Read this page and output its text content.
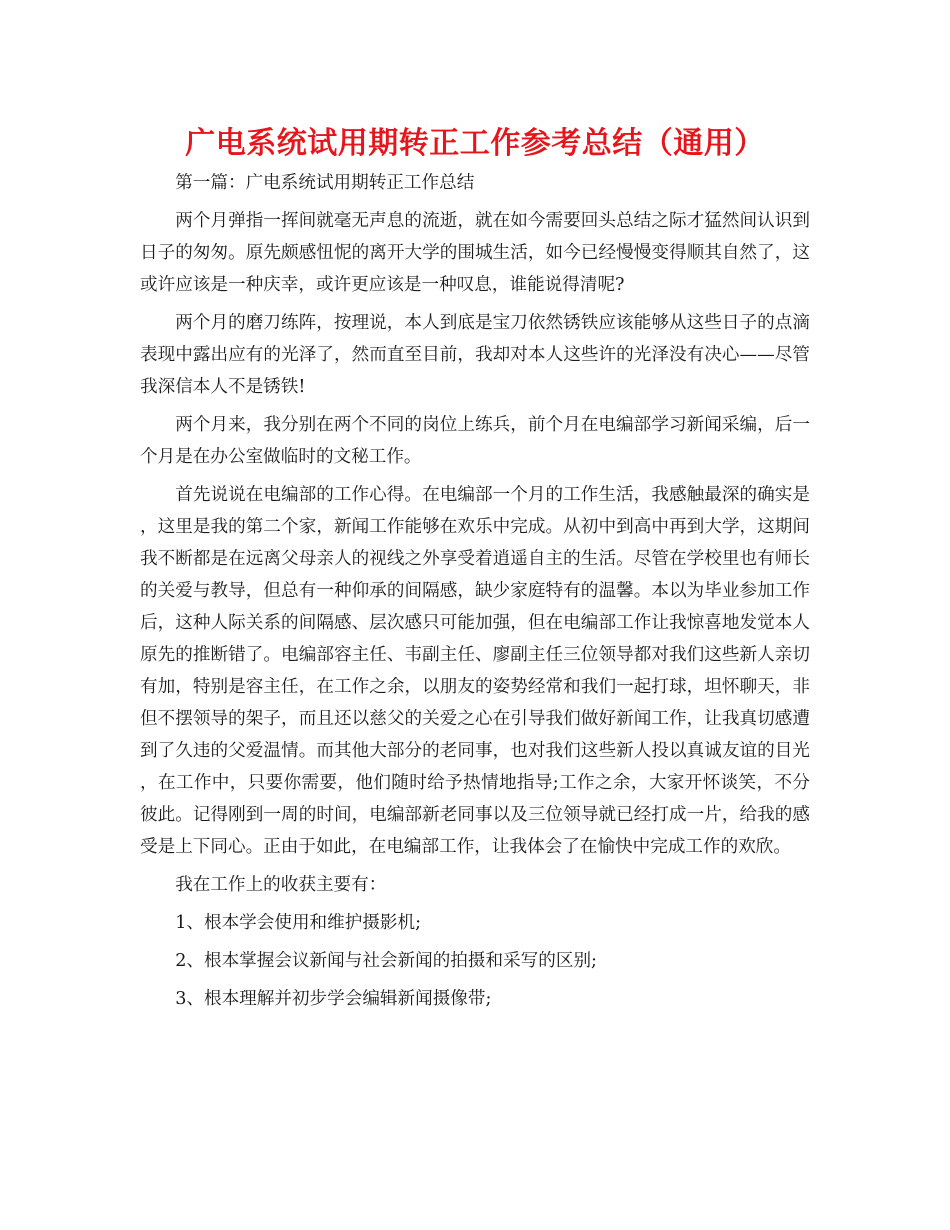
广电系统试用期转正工作参考总结（通用）

第一篇：广电系统试用期转正工作总结

两个月弹指一挥间就毫无声息的流逝，就在如今需要回头总结之际才猛然间认识到日子的匆匆。原先颇感忸怩的离开大学的围城生活，如今已经慢慢变得顺其自然了，这或许应该是一种庆幸，或许更应该是一种叹息，谁能说得清呢?

两个月的磨刀练阵，按理说，本人到底是宝刀依然锈铁应该能够从这些日子的点滴表现中露出应有的光泽了，然而直至目前，我却对本人这些许的光泽没有决心——尽管我深信本人不是锈铁!

两个月来，我分别在两个不同的岗位上练兵，前个月在电编部学习新闻采编，后一个月是在办公室做临时的文秘工作。

首先说说在电编部的工作心得。在电编部一个月的工作生活，我感触最深的确实是，这里是我的第二个家，新闻工作能够在欢乐中完成。从初中到高中再到大学，这期间我不断都是在远离父母亲人的视线之外享受着逍遥自主的生活。尽管在学校里也有师长的关爱与教导，但总有一种仰承的间隔感，缺少家庭特有的温馨。本以为毕业参加工作后，这种人际关系的间隔感、层次感只可能加强，但在电编部工作让我惊喜地发觉本人原先的推断错了。电编部容主任、韦副主任、廖副主任三位领导都对我们这些新人亲切有加，特别是容主任，在工作之余，以朋友的姿势经常和我们一起打球，坦怀聊天，非但不摆领导的架子，而且还以慈父的关爱之心在引导我们做好新闻工作，让我真切感遭到了久违的父爱温情。而其他大部分的老同事，也对我们这些新人投以真诚友谊的目光，在工作中，只要你需要，他们随时给予热情地指导;工作之余，大家开怀谈笑，不分彼此。记得刚到一周的时间，电编部新老同事以及三位领导就已经打成一片，给我的感受是上下同心。正由于如此，在电编部工作，让我体会了在愉快中完成工作的欢欣。

我在工作上的收获主要有：

1、根本学会使用和维护摄影机;

2、根本掌握会议新闻与社会新闻的拍摄和采写的区别;

3、根本理解并初步学会编辑新闻摄像带;
